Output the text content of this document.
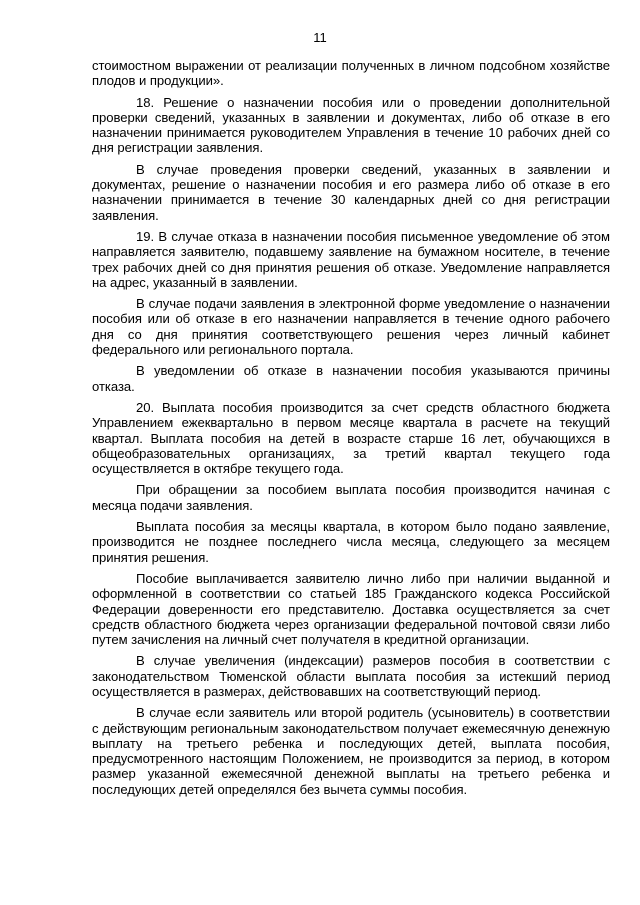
11

стоимостном выражении от реализации полученных в личном подсобном хозяйстве плодов и продукции».

18. Решение о назначении пособия или о проведении дополнительной проверки сведений, указанных в заявлении и документах, либо об отказе в его назначении принимается руководителем Управления в течение 10 рабочих дней со дня регистрации заявления.

В случае проведения проверки сведений, указанных в заявлении и документах, решение о назначении пособия и его размера либо об отказе в его назначении принимается в течение 30 календарных дней со дня регистрации заявления.

19. В случае отказа в назначении пособия письменное уведомление об этом направляется заявителю, подавшему заявление на бумажном носителе, в течение трех рабочих дней со дня принятия решения об отказе. Уведомление направляется на адрес, указанный в заявлении.

В случае подачи заявления в электронной форме уведомление о назначении пособия или об отказе в его назначении направляется в течение одного рабочего дня со дня принятия соответствующего решения через личный кабинет федерального или регионального портала.

В уведомлении об отказе в назначении пособия указываются причины отказа.

20. Выплата пособия производится за счет средств областного бюджета Управлением ежеквартально в первом месяце квартала в расчете на текущий квартал. Выплата пособия на детей в возрасте старше 16 лет, обучающихся в общеобразовательных организациях, за третий квартал текущего года осуществляется в октябре текущего года.

При обращении за пособием выплата пособия производится начиная с месяца подачи заявления.

Выплата пособия за месяцы квартала, в котором было подано заявление, производится не позднее последнего числа месяца, следующего за месяцем принятия решения.

Пособие выплачивается заявителю лично либо при наличии выданной и оформленной в соответствии со статьей 185 Гражданского кодекса Российской Федерации доверенности его представителю. Доставка осуществляется за счет средств областного бюджета через организации федеральной почтовой связи либо путем зачисления на личный счет получателя в кредитной организации.

В случае увеличения (индексации) размеров пособия в соответствии с законодательством Тюменской области выплата пособия за истекший период осуществляется в размерах, действовавших на соответствующий период.

В случае если заявитель или второй родитель (усыновитель) в соответствии с действующим региональным законодательством получает ежемесячную денежную выплату на третьего ребенка и последующих детей, выплата пособия, предусмотренного настоящим Положением, не производится за период, в котором размер указанной ежемесячной денежной выплаты на третьего ребенка и последующих детей определялся без вычета суммы пособия.
